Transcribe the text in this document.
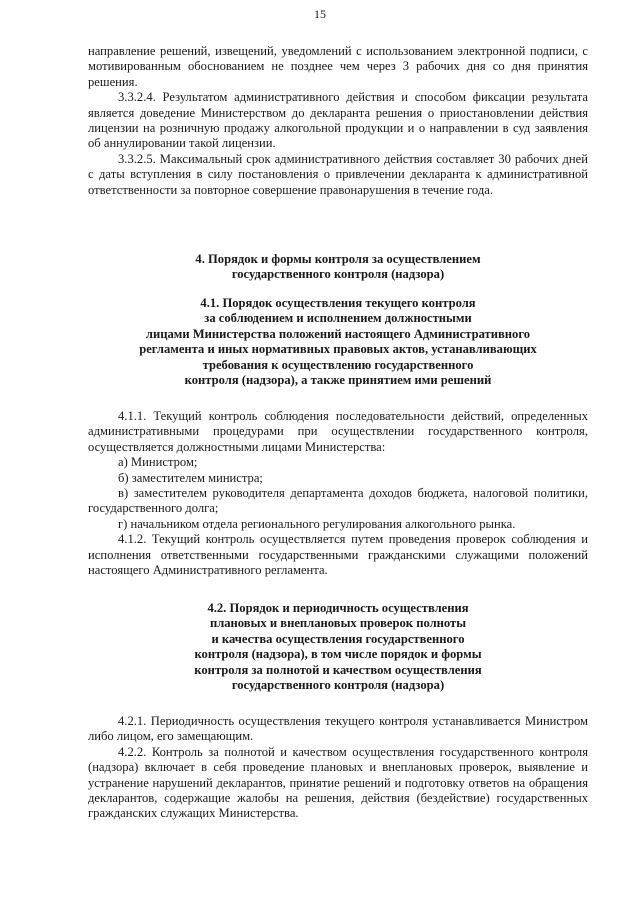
15

направление решений, извещений, уведомлений с использованием электронной подписи, с мотивированным обоснованием не позднее чем через 3 рабочих дня со дня принятия решения.

3.3.2.4. Результатом административного действия и способом фиксации результата является доведение Министерством до декларанта решения о приостановлении действия лицензии на розничную продажу алкогольной продукции и о направлении в суд заявления об аннулировании такой лицензии.

3.3.2.5. Максимальный срок административного действия составляет 30 рабочих дней с даты вступления в силу постановления о привлечении декларанта к административной ответственности за повторное совершение правонарушения в течение года.

4. Порядок и формы контроля за осуществлением
государственного контроля (надзора)
4.1. Порядок осуществления текущего контроля
за соблюдением и исполнением должностными
лицами Министерства положений настоящего Административного
регламента и иных нормативных правовых актов, устанавливающих
требования к осуществлению государственного
контроля (надзора), а также принятием ими решений

4.1.1. Текущий контроль соблюдения последовательности действий, определенных административными процедурами при осуществлении государственного контроля, осуществляется должностными лицами Министерства:

а) Министром;

б) заместителем министра;

в) заместителем руководителя департамента доходов бюджета, налоговой политики, государственного долга;

г) начальником отдела регионального регулирования алкогольного рынка.

4.1.2. Текущий контроль осуществляется путем проведения проверок соблюдения и исполнения ответственными государственными гражданскими служащими положений настоящего Административного регламента.

4.2. Порядок и периодичность осуществления
плановых и внеплановых проверок полноты
и качества осуществления государственного
контроля (надзора), в том числе порядок и формы
контроля за полнотой и качеством осуществления
государственного контроля (надзора)

4.2.1. Периодичность осуществления текущего контроля устанавливается Министром либо лицом, его замещающим.

4.2.2. Контроль за полнотой и качеством осуществления государственного контроля (надзора) включает в себя проведение плановых и внеплановых проверок, выявление и устранение нарушений декларантов, принятие решений и подготовку ответов на обращения декларантов, содержащие жалобы на решения, действия (бездействие) государственных гражданских служащих Министерства.
